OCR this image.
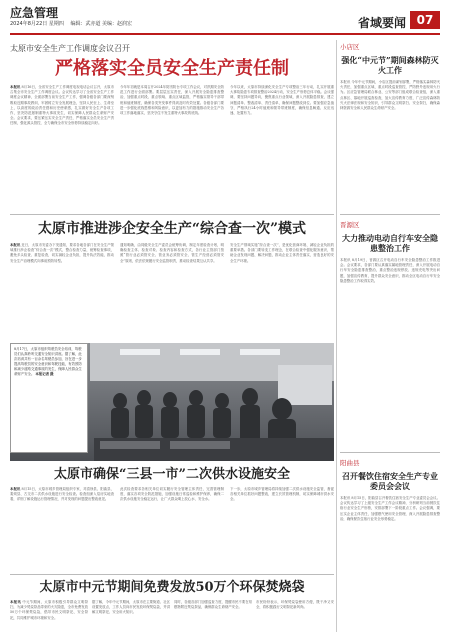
应急管理
2024年8月22日 星期四 　编辑：武亦道 美编：赵润宏	省域要闻 07
太原市安全生产工作调度会议召开
严格落实全员安全生产责任制
本报讯 8月16日，全省安全生产工作调度电视电话会议召开，太原市召集全市安全生产工作调度会议。会议传达学习了全省安全生产工作调度会议精神，全面部署当前安全生产工作，强调各级各部门要深刻吸取近期事故教训，牢固树立安全发展理念，坚持人民至上、生命至上，以高度的政治责任感和历史使命感，扎实做好安全生产各项工作，坚决防范遏制重特大事故发生，切实保障人民群众生命财产安全。会议要求，要压紧压实安全生产责任，严格落实全员安全生产责任制，强化源头管控，全力确保全市安全形势持续稳定向好。
今年年初就是本周召开2024年防汛防台专项工作会议，对汛期安全防范工作进行全面部署。要层层压实责任，深入开展安全隐患排查整治，加强重点时段、重点领域、重点区域监管，严格落实领导干部带班和值班制度，确保各类突发事件得到及时有效处置。各级各部门要进一步强化底线思维和风险意识，以更加有力的措施推动安全生产各项工作落地落实，坚决守住不发生重特大事故的底线。
今年以来，太原市持续深化安全生产专项整治三年行动，扎实开展重大事故隐患专项排查整治2024行动，安全生产形势总体平稳。会议强调，要坚持问题导向，聚焦重点行业领域，深入开展隐患排查，建立问题清单、整改清单、责任清单，确保问题整改到位。要加强应急值守，严格执行24小时值班和领导带班制度，确保信息畅通、反应迅速、处置有力。
太原市推进涉企安全生产“综合查一次”模式
本报讯 近日，太原市安委办下发通知，要求各地各部门在安全生产领域推行涉企检查“综合查一次”模式，整合检查力量，统筹检查事项，避免多头检查、重复检查，切实减轻企业负担，提升执法效能，推动安全生产治理模式向事前预防转型。
通知明确，由同级安全生产委员会统筹协调，制定年度检查计划，明确检查主体、检查对象、检查内容和检查方式，各行业主管部门按照“管行业必须管安全、管业务必须管安全、管生产经营必须管安全”原则，依法依规履行安全监管职责，推动检查结果互认共享。
安全生产领域实施“综合查一次”，是优化营商环境、减轻企业负担的重要举措。各部门要转变工作理念，在联合检查中强化服务意识，帮助企业发现问题、解决问题，推动企业主体责任落实，营造良好的安全生产环境。
8月17日，太原市组织驾驶员安全培训，驾驶员们认真聆听交通安全知识讲座。据了解，此次培训共有一百余名驾驶员参加，旨在进一步提高驾驶员的安全意识和驾驶技能，有效预防和减少道路交通事故的发生，保障人民群众生命财产安全。 本报记者 摄
太原市确保“三县一市”二次供水设施安全
本报讯 8月15日，太原市城乡管理局组织专家，对清徐县、阳曲县、娄烦县、古交市二次供水设施进行安全检查。检查组深入泵房实地查看，详细了解设施运行管理情况，并对发现的问题提出整改意见。
此次检查要求各相关单位切实履行安全管理主体责任，完善管理制度，落实各项安全防范措施，加强设施日常巡检和维护保养，确保二次供水设施安全稳定运行，让广大群众喝上放心水、安全水。
下一步，太原市城乡管理局将持续加强二次供水设施安全监管，督促各相关单位抓好问题整改，建立长效管理机制，切实保障城市供水安全。
太原市中元节期间免费发放50万个环保焚烧袋
本报讯 中元节期间，太原市积极引导群众文明祭扫，为减少焚烧祭品带来的火灾隐患，全市免费发放50万个环保焚烧袋，倡导市民文明祭祀、安全祭祀，共同维护城市环境和安全。
据了解，今年中元节期间，太原市在主要街道、社区设置发放点，工作人员向市民发放环保焚烧袋，并讲解文明祭祀、安全用火知识。
同时，各级各部门加强巡查力度，提醒市民不要在易燃物附近焚烧祭品，确保群众生命财产安全。
市民纷纷表示，环保焚烧袋使用方便，既干净又安全，将积极践行文明祭祀新风尚。
小店区
强化“中元节”期间森林防灭火工作
本报讯 今年中元节期间，小店区提前谋划部署，严格落实森林防灭火责任，加强重点区域、重点时段巡查管控，严防野外违规用火行为。区应急管理局联合林业、公安等部门组成联合检查组，深入重点林区、墓地开展巡查检查，加大宣传教育力度，广泛宣传森林防灭火法律法规和安全知识，引导群众文明祭扫、安全祭扫，确保森林资源安全和人民群众生命财产安全。
晋源区
大力推动电动自行车安全隐患整治工作
本报讯 8月19日，晋源区召开电动自行车安全隐患整治工作推进会。会议要求，各部门要认真落实属地管理责任，深入开展电动自行车安全隐患排查整治，重点整治违规停放、违规充电等突出问题，加强宣传教育，提升群众安全意识，推动全区电动自行车安全隐患整治工作取得实效。
阳曲县
召开餐饮住宿安全生产专业委员会会议
本报讯 8月15日，阳曲县召开餐饮住宿安全生产专业委员会会议。会议传达学习了上级安全生产工作会议精神，分析研判当前餐饮住宿行业安全生产形势，安排部署下一阶段重点工作。会议强调，要压实企业主体责任，加强燃气使用安全管理，深入开展隐患排查整治，确保餐饮住宿行业安全形势稳定。
